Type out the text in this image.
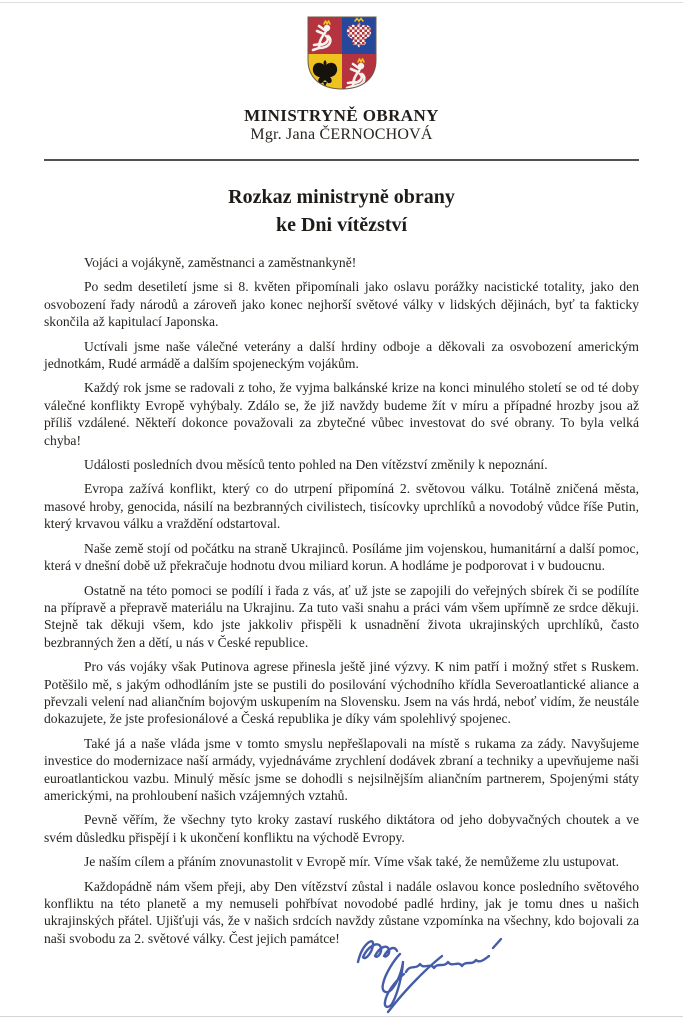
MINISTRYNĚ OBRANY
Mgr. Jana ČERNOCHOVÁ
Rozkaz ministryně obrany
ke Dni vítězství

Vojáci a vojákyně, zaměstnanci a zaměstnankyně!

Po sedm desetiletí jsme si 8. květen připomínali jako oslavu porážky nacistické totality, jako den osvobození řady národů a zároveň jako konec nejhorší světové války v lidských dějinách, byť ta fakticky skončila až kapitulací Japonska.

Uctívali jsme naše válečné veterány a další hrdiny odboje a děkovali za osvobození americkým jednotkám, Rudé armádě a dalším spojeneckým vojákům.

Každý rok jsme se radovali z toho, že vyjma balkánské krize na konci minulého století se od té doby válečné konflikty Evropě vyhýbaly. Zdálo se, že již navždy budeme žít v míru a případné hrozby jsou až příliš vzdálené. Někteří dokonce považovali za zbytečné vůbec investovat do své obrany. To byla velká chyba!

Události posledních dvou měsíců tento pohled na Den vítězství změnily k nepoznání.

Evropa zažívá konflikt, který co do utrpení připomíná 2. světovou válku. Totálně zničená města, masové hroby, genocida, násilí na bezbranných civilistech, tisícovky uprchlíků a novodobý vůdce říše Putin, který krvavou válku a vraždění odstartoval.

Naše země stojí od počátku na straně Ukrajinců. Posíláme jim vojenskou, humanitární a další pomoc, která v dnešní době už překračuje hodnotu dvou miliard korun. A hodláme je podporovat i v budoucnu.

Ostatně na této pomoci se podílí i řada z vás, ať už jste se zapojili do veřejných sbírek či se podílíte na přípravě a přepravě materiálu na Ukrajinu. Za tuto vaši snahu a práci vám všem upřímně ze srdce děkuji. Stejně tak děkuji všem, kdo jste jakkoliv přispěli k usnadnění života ukrajinských uprchlíků, často bezbranných žen a dětí, u nás v České republice.

Pro vás vojáky však Putinova agrese přinesla ještě jiné výzvy. K nim patří i možný střet s Ruskem. Potěšilo mě, s jakým odhodláním jste se pustili do posilování východního křídla Severoatlantické aliance a převzali velení nad aliančním bojovým uskupením na Slovensku. Jsem na vás hrdá, neboť vidím, že neustále dokazujete, že jste profesionálové a Česká republika je díky vám spolehlivý spojenec.

Také já a naše vláda jsme v tomto smyslu nepřešlapovali na místě s rukama za zády. Navyšujeme investice do modernizace naší armády, vyjednáváme zrychlení dodávek zbraní a techniky a upevňujeme naši euroatlantickou vazbu. Minulý měsíc jsme se dohodli s nejsilnějším aliančním partnerem, Spojenými státy americkými, na prohloubení našich vzájemných vztahů.

Pevně věřím, že všechny tyto kroky zastaví ruského diktátora od jeho dobyvačných choutek a ve svém důsledku přispějí i k ukončení konfliktu na východě Evropy.

Je naším cílem a přáním znovunastolit v Evropě mír. Víme však také, že nemůžeme zlu ustupovat.

Každopádně nám všem přeji, aby Den vítězství zůstal i nadále oslavou konce posledního světového konfliktu na této planetě a my nemuseli pohřbívat novodobé padlé hrdiny, jak je tomu dnes u našich ukrajinských přátel. Ujišťuji vás, že v našich srdcích navždy zůstane vzpomínka na všechny, kdo bojovali za naši svobodu za 2. světové války. Čest jejich památce!
